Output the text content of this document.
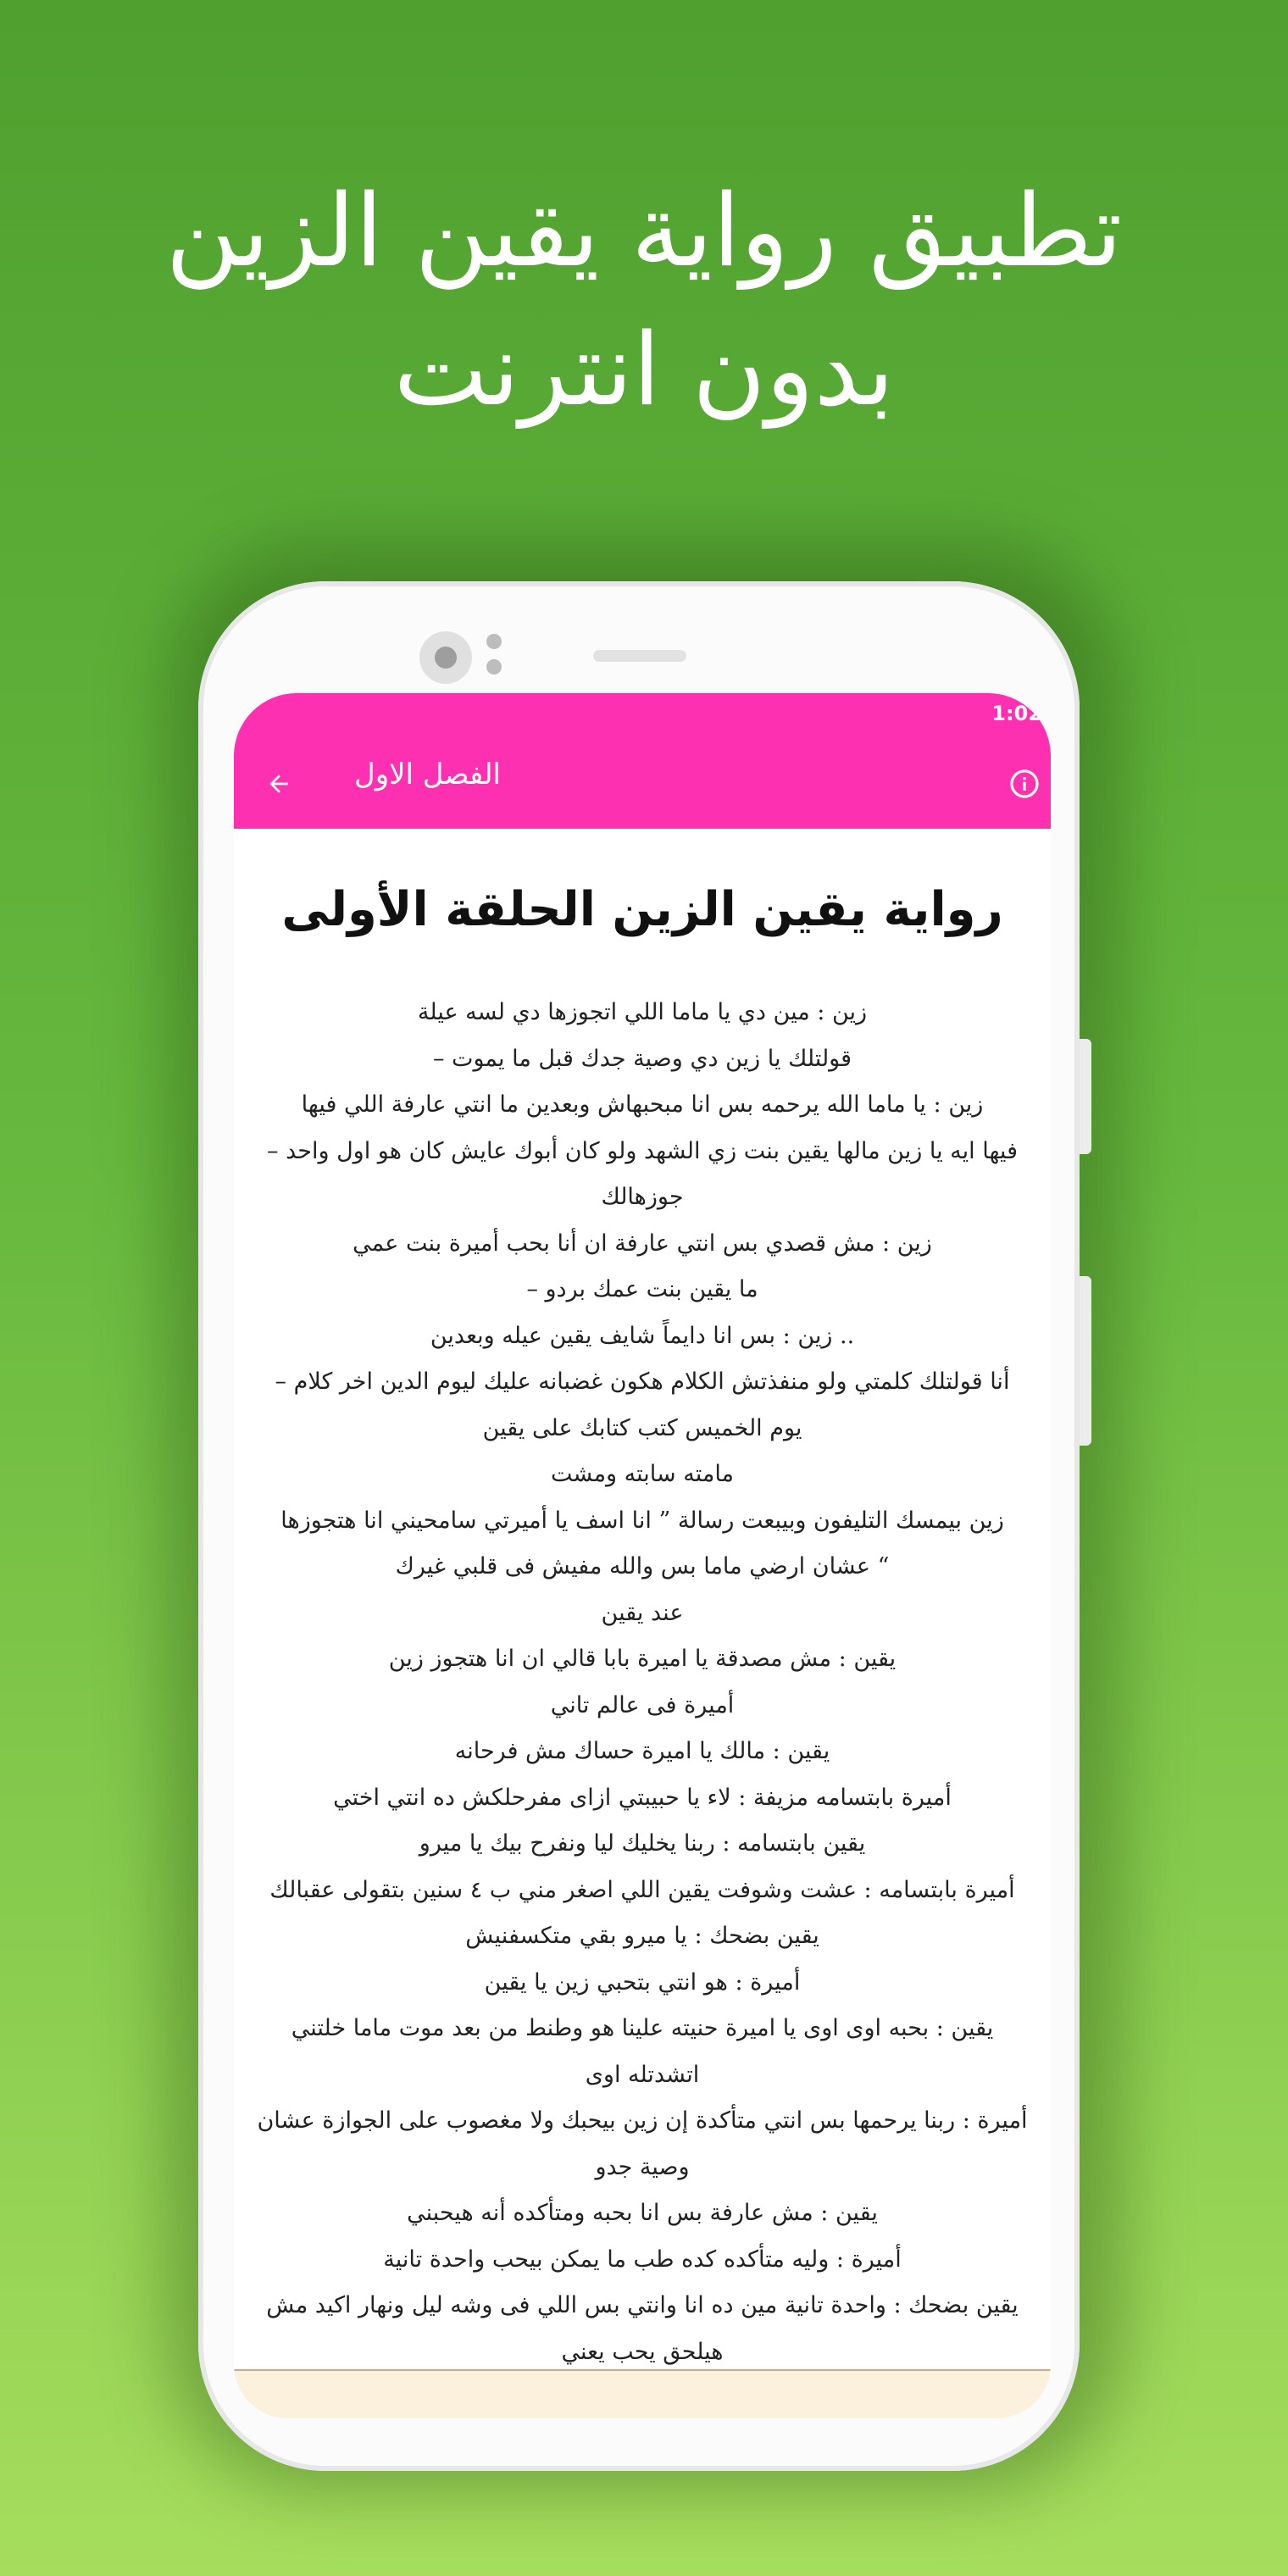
تطبيق رواية يقين الزين
بدون انترنت
1:02
الفصل الاول
رواية يقين الزين الحلقة الأولى
زين : مين دي يا ماما اللي اتجوزها دي لسه عيلة
قولتلك يا زين دي وصية جدك قبل ما يموت –
زين : يا ماما الله يرحمه بس انا مبحبهاش وبعدين ما انتي عارفة اللي فيها
فيها ايه يا زين مالها يقين بنت زي الشهد ولو كان أبوك عايش كان هو اول واحد –
جوزهالك
زين : مش قصدي بس انتي عارفة ان أنا بحب أميرة بنت عمي
ما يقين بنت عمك بردو –
.. زين : بس انا دايماً شايف يقين عيله وبعدين
أنا قولتلك كلمتي ولو منفذتش الكلام هكون غضبانه عليك ليوم الدين اخر كلام –
يوم الخميس كتب كتابك على يقين
مامته سابته ومشت
زين بيمسك التليفون وبيبعت رسالة ” انا اسف يا أميرتي سامحيني انا هتجوزها
“ عشان ارضي ماما بس والله مفيش فى قلبي غيرك
عند يقين
يقين : مش مصدقة يا اميرة بابا قالي ان انا هتجوز زين
أميرة فى عالم تاني
يقين : مالك يا اميرة حساك مش فرحانه
أميرة بابتسامه مزيفة : لاء يا حبيبتي ازاى مفرحلكش ده انتي اختي
يقين بابتسامه : ربنا يخليك ليا ونفرح بيك يا ميرو
أميرة بابتسامه : عشت وشوفت يقين اللي اصغر مني ب ٤ سنين بتقولى عقبالك
يقين بضحك : يا ميرو بقي متكسفنيش
أميرة : هو انتي بتحبي زين يا يقين
يقين : بحبه اوى اوى يا اميرة حنيته علينا هو وطنط من بعد موت ماما خلتني
اتشدتله اوى
أميرة : ربنا يرحمها بس انتي متأكدة إن زين بيحبك ولا مغصوب على الجوازة عشان
وصية جدو
يقين : مش عارفة بس انا بحبه ومتأكده أنه هيحبني
أميرة : وليه متأكده كده طب ما يمكن بيحب واحدة تانية
يقين بضحك : واحدة تانية مين ده انا وانتي بس اللي فى وشه ليل ونهار اكيد مش
هيلحق يحب يعني
